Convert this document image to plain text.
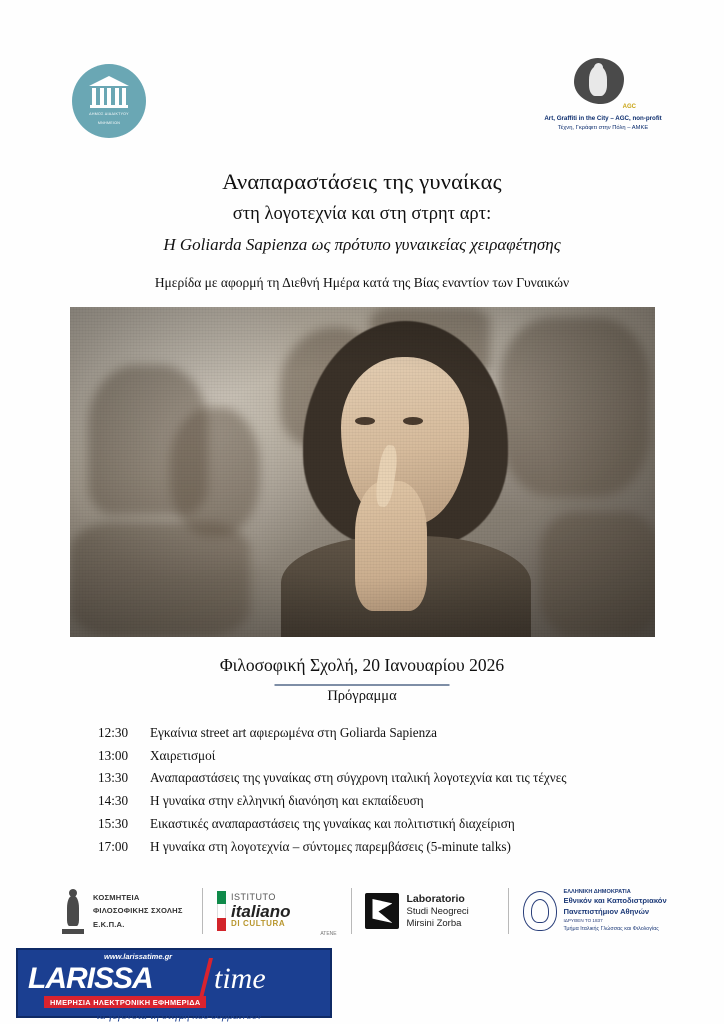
ΔΗΜΟΣ ΔΙΑΔΙΚΤΥΟΥ
ΜΝΗΜΕΙΩΝ
AGC
Art, Graffiti in the City – AGC, non-profit
Τέχνη, Γκράφιτι στην Πόλη – ΑΜΚΕ
Αναπαραστάσεις της γυναίκας
στη λογοτεχνία και στη στρητ αρτ:
Η Goliarda Sapienza ως πρότυπο γυναικείας χειραφέτησης
Ημερίδα με αφορμή τη Διεθνή Ημέρα κατά της Βίας εναντίον των Γυναικών
Φιλοσοφική Σχολή, 20 Ιανουαρίου 2026
Πρόγραμμα
12:30	Εγκαίνια street art αφιερωμένα στη Goliarda Sapienza
13:00	Χαιρετισμοί
13:30	Αναπαραστάσεις της γυναίκας στη σύγχρονη ιταλική λογοτεχνία και τις τέχνες
14:30	Η γυναίκα στην ελληνική διανόηση και εκπαίδευση
15:30	Εικαστικές αναπαραστάσεις της γυναίκας και πολιτιστική διαχείριση
17:00	Η γυναίκα στη λογοτεχνία – σύντομες παρεμβάσεις (5-minute talks)
ΚΟΣΜΗΤΕΙΑ
ΦΙΛΟΣΟΦΙΚΗΣ ΣΧΟΛΗΣ
Ε.Κ.Π.Α.
ISTITUTO
italiano
DI CULTURA
ATENE
Laboratorio
Studi Neogreci
Mirsini Zorba
ΕΛΛΗΝΙΚΗ ΔΗΜΟΚΡΑΤΙΑ
Εθνικόν και Καποδιστριακόν
Πανεπιστήμιον Αθηνών
ΙΔΡΥΘΕΝ ΤΟ 1837
Τμήμα Ιταλικής Γλώσσας και Φιλολογίας
www.larissatime.gr
LARISSA time
ΗΜΕΡΗΣΙΑ ΗΛΕΚΤΡΟΝΙΚΗ ΕΦΗΜΕΡΙΔΑ
τα γεγονότα τη στιγμή που συμβαίνουν
